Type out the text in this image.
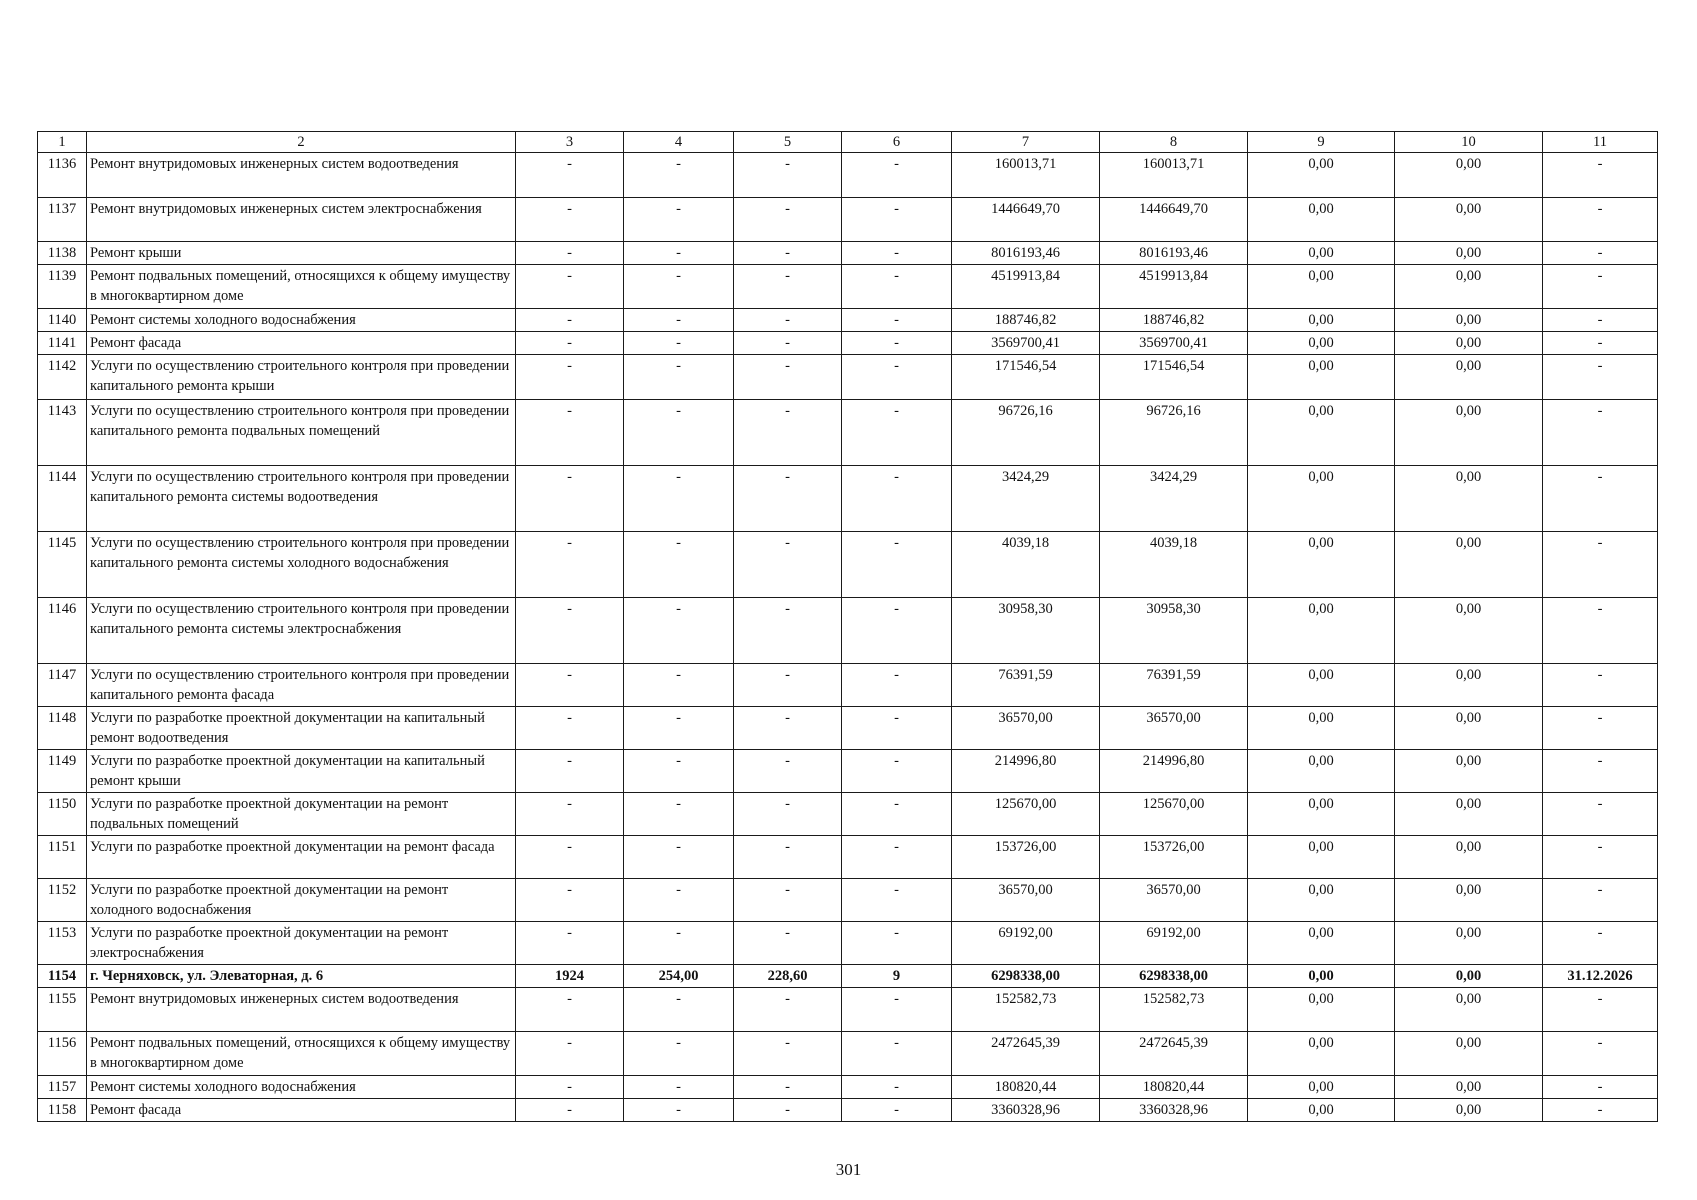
1	2	3	4	5	6	7	8	9	10	11
1136	Ремонт внутридомовых инженерных систем водоотведения	-	-	-	-	160013,71	160013,71	0,00	0,00	-
1137	Ремонт внутридомовых инженерных систем электроснабжения	-	-	-	-	1446649,70	1446649,70	0,00	0,00	-
1138	Ремонт крыши	-	-	-	-	8016193,46	8016193,46	0,00	0,00	-
1139	Ремонт подвальных помещений, относящихся к общему имуществу в многоквартирном доме	-	-	-	-	4519913,84	4519913,84	0,00	0,00	-
1140	Ремонт системы холодного водоснабжения	-	-	-	-	188746,82	188746,82	0,00	0,00	-
1141	Ремонт фасада	-	-	-	-	3569700,41	3569700,41	0,00	0,00	-
1142	Услуги по осуществлению строительного контроля при проведении капитального ремонта крыши	-	-	-	-	171546,54	171546,54	0,00	0,00	-
1143	Услуги по осуществлению строительного контроля при проведении капитального ремонта подвальных помещений	-	-	-	-	96726,16	96726,16	0,00	0,00	-
1144	Услуги по осуществлению строительного контроля при проведении капитального ремонта системы водоотведения	-	-	-	-	3424,29	3424,29	0,00	0,00	-
1145	Услуги по осуществлению строительного контроля при проведении капитального ремонта системы холодного водоснабжения	-	-	-	-	4039,18	4039,18	0,00	0,00	-
1146	Услуги по осуществлению строительного контроля при проведении капитального ремонта системы электроснабжения	-	-	-	-	30958,30	30958,30	0,00	0,00	-
1147	Услуги по осуществлению строительного контроля при проведении капитального ремонта фасада	-	-	-	-	76391,59	76391,59	0,00	0,00	-
1148	Услуги по разработке проектной документации на капитальный ремонт водоотведения	-	-	-	-	36570,00	36570,00	0,00	0,00	-
1149	Услуги по разработке проектной документации на капитальный ремонт крыши	-	-	-	-	214996,80	214996,80	0,00	0,00	-
1150	Услуги по разработке проектной документации на ремонт подвальных помещений	-	-	-	-	125670,00	125670,00	0,00	0,00	-
1151	Услуги по разработке проектной документации на ремонт фасада	-	-	-	-	153726,00	153726,00	0,00	0,00	-
1152	Услуги по разработке проектной документации на ремонт холодного водоснабжения	-	-	-	-	36570,00	36570,00	0,00	0,00	-
1153	Услуги по разработке проектной документации на ремонт электроснабжения	-	-	-	-	69192,00	69192,00	0,00	0,00	-
1154	г. Черняховск, ул. Элеваторная, д. 6	1924	254,00	228,60	9	6298338,00	6298338,00	0,00	0,00	31.12.2026
1155	Ремонт внутридомовых инженерных систем водоотведения	-	-	-	-	152582,73	152582,73	0,00	0,00	-
1156	Ремонт подвальных помещений, относящихся к общему имуществу в многоквартирном доме	-	-	-	-	2472645,39	2472645,39	0,00	0,00	-
1157	Ремонт системы холодного водоснабжения	-	-	-	-	180820,44	180820,44	0,00	0,00	-
1158	Ремонт фасада	-	-	-	-	3360328,96	3360328,96	0,00	0,00	-
301
